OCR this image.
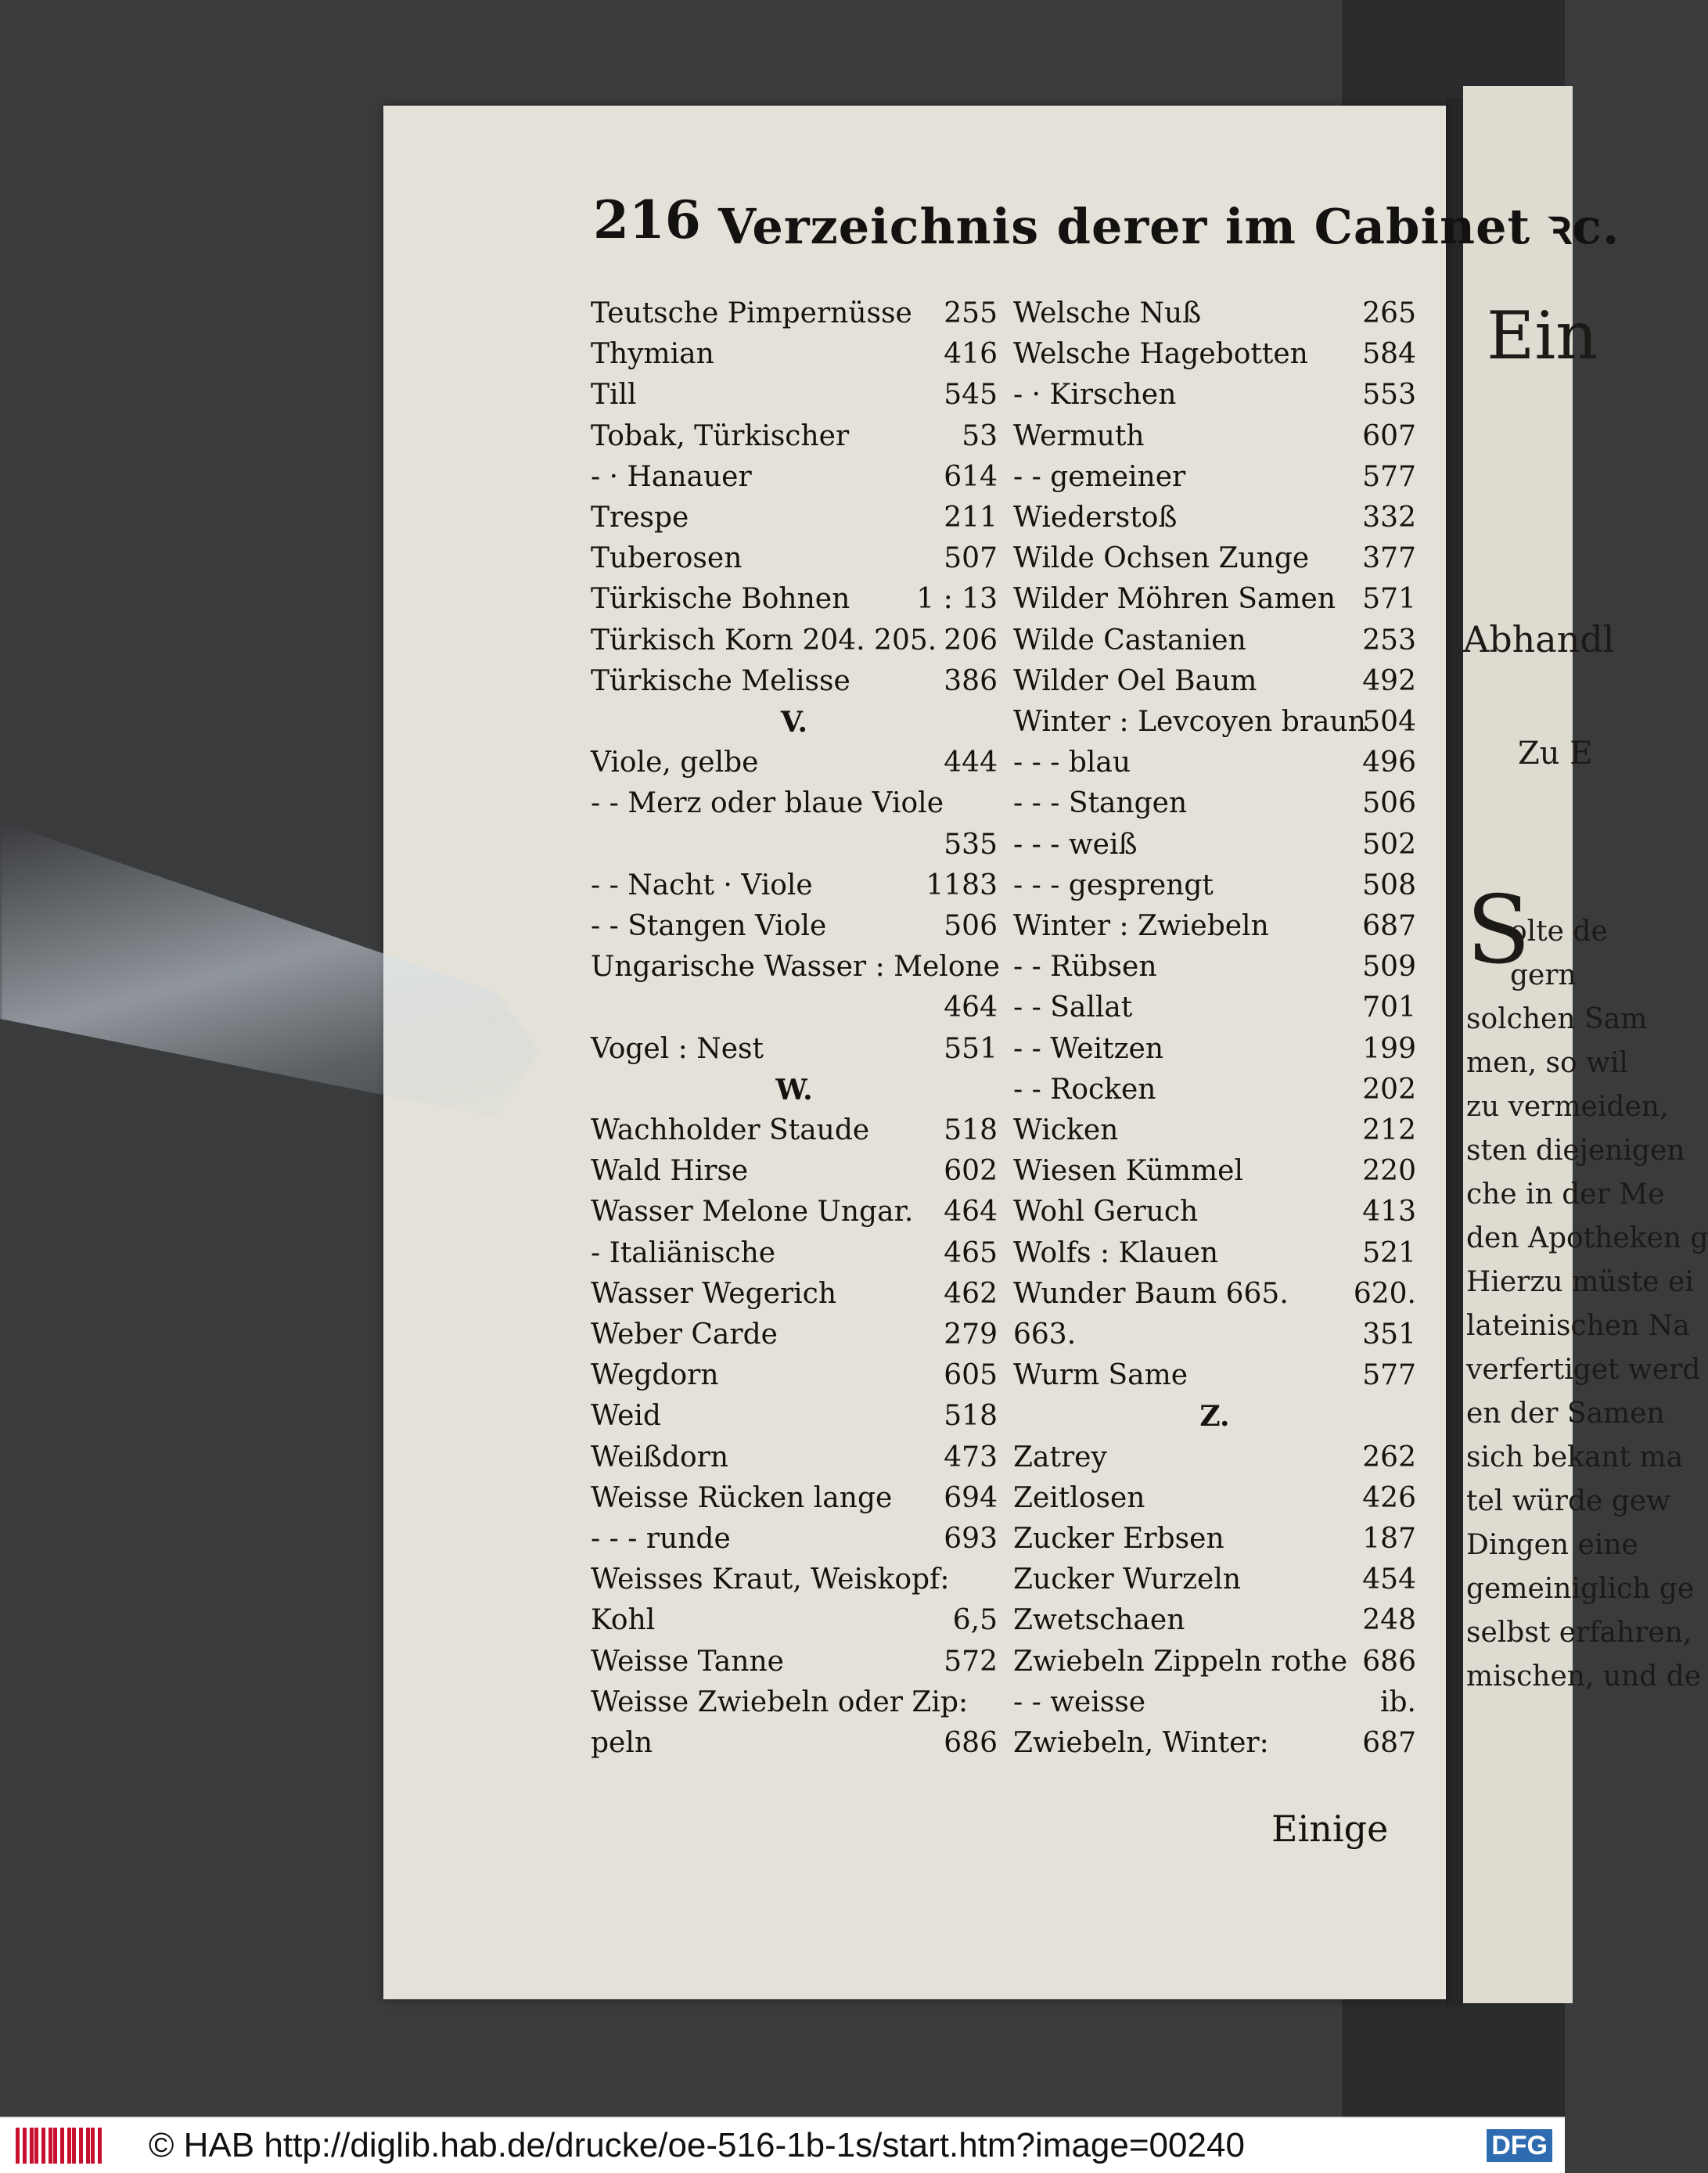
Ein
Abhandl
Zu E
S
olte de
gern
solchen Sam
men, so wil
zu vermeiden,
sten diejenigen
che in der Me
den Apotheken g
Hierzu müste ei
lateinischen Na
verfertiget werd
en der Samen
sich bekant ma
tel würde gew
Dingen eine
gemeiniglich ge
selbst erfahren,
mischen, und de
216 Verzeichnis derer im Cabinet ꝛc.
Teutsche Pimpernüsse 255
Thymian	416
Till	545
Tobak, Türkischer	53
- · Hanauer	614
Trespe	211
Tuberosen	507
Türkische Bohnen 1 : 13
Türkisch Korn 204. 205. 206
Türkische Melisse	386
V.
Viole, gelbe	444
- - Merz oder blaue Viole
535
- - Nacht · Viole	1183
- - Stangen Viole	506
Ungarische Wasser : Melone
464
Vogel : Nest	551
W.
Wachholder Staude	518
Wald Hirse	602
Wasser Melone Ungar. 464
- Italiänische	465
Wasser Wegerich	462
Weber Carde	279
Wegdorn	605
Weid	518
Weißdorn	473
Weisse Rücken lange 694
- - - runde	693
Weisses Kraut, Weiskopf:
Kohl	6,5
Weisse Tanne	572
Weisse Zwiebeln oder Zip:
peln	686
Welsche Nuß	265
Welsche Hagebotten 584
- · Kirschen	553
Wermuth	607
- - gemeiner	577
Wiederstoß	332
Wilde Ochsen Zunge 377
Wilder Möhren Samen 571
Wilde Castanien	253
Wilder Oel Baum	492
Winter : Levcoyen braun
504
- - - blau	496
- - - Stangen	506
- - - weiß	502
- - - gesprengt	508
Winter : Zwiebeln	687
- - Rübsen	509
- - Sallat	701
- - Weitzen	199
- - Rocken	202
Wicken	212
Wiesen Kümmel	220
Wohl Geruch	413
Wolfs : Klauen	521
Wunder Baum 665. 620.
663.	351
Wurm Same	577
Z.
Zatrey	262
Zeitlosen	426
Zucker Erbsen	187
Zucker Wurzeln	454
Zwetschaen	248
Zwiebeln Zippeln rothe 686
- - weisse	ib.
Zwiebeln, Winter:	687
Einige
© HAB http://diglib.hab.de/drucke/oe-516-1b-1s/start.htm?image=00240	DFG
